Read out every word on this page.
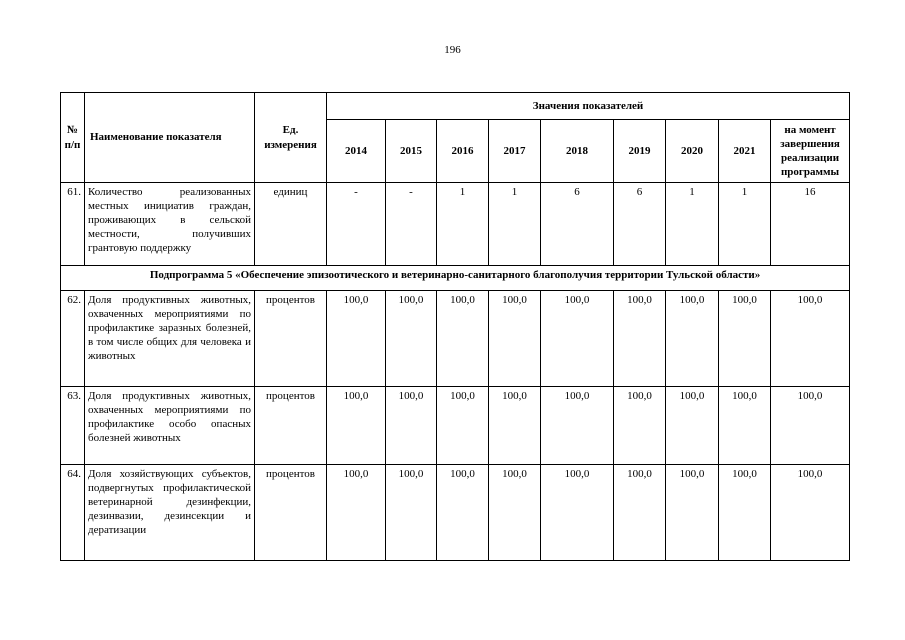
196
№ п/п	Наименование показателя	Ед. измерения	Значения показателей								
			2014	2015	2016	2017	2018	2019	2020	2021	на момент завершения реализации программы
61.	Количество реализованных местных инициатив граждан, проживающих в сельской местности, получивших грантовую поддержку	единиц	-	-	1	1	6	6	1	1	16
Подпрограмма 5 «Обеспечение эпизоотического и ветеринарно-санитарного благополучия территории Тульской области»											
62.	Доля продуктивных животных, охваченных мероприятиями по профилактике заразных болезней, в том числе общих для человека и животных	процентов	100,0	100,0	100,0	100,0	100,0	100,0	100,0	100,0	100,0
63.	Доля продуктивных животных, охваченных мероприятиями по профилактике особо опасных болезней животных	процентов	100,0	100,0	100,0	100,0	100,0	100,0	100,0	100,0	100,0
64.	Доля хозяйствующих субъектов, подвергнутых профилактической ветеринарной дезинфекции, дезинвазии, дезинсекции и дератизации	процентов	100,0	100,0	100,0	100,0	100,0	100,0	100,0	100,0	100,0
